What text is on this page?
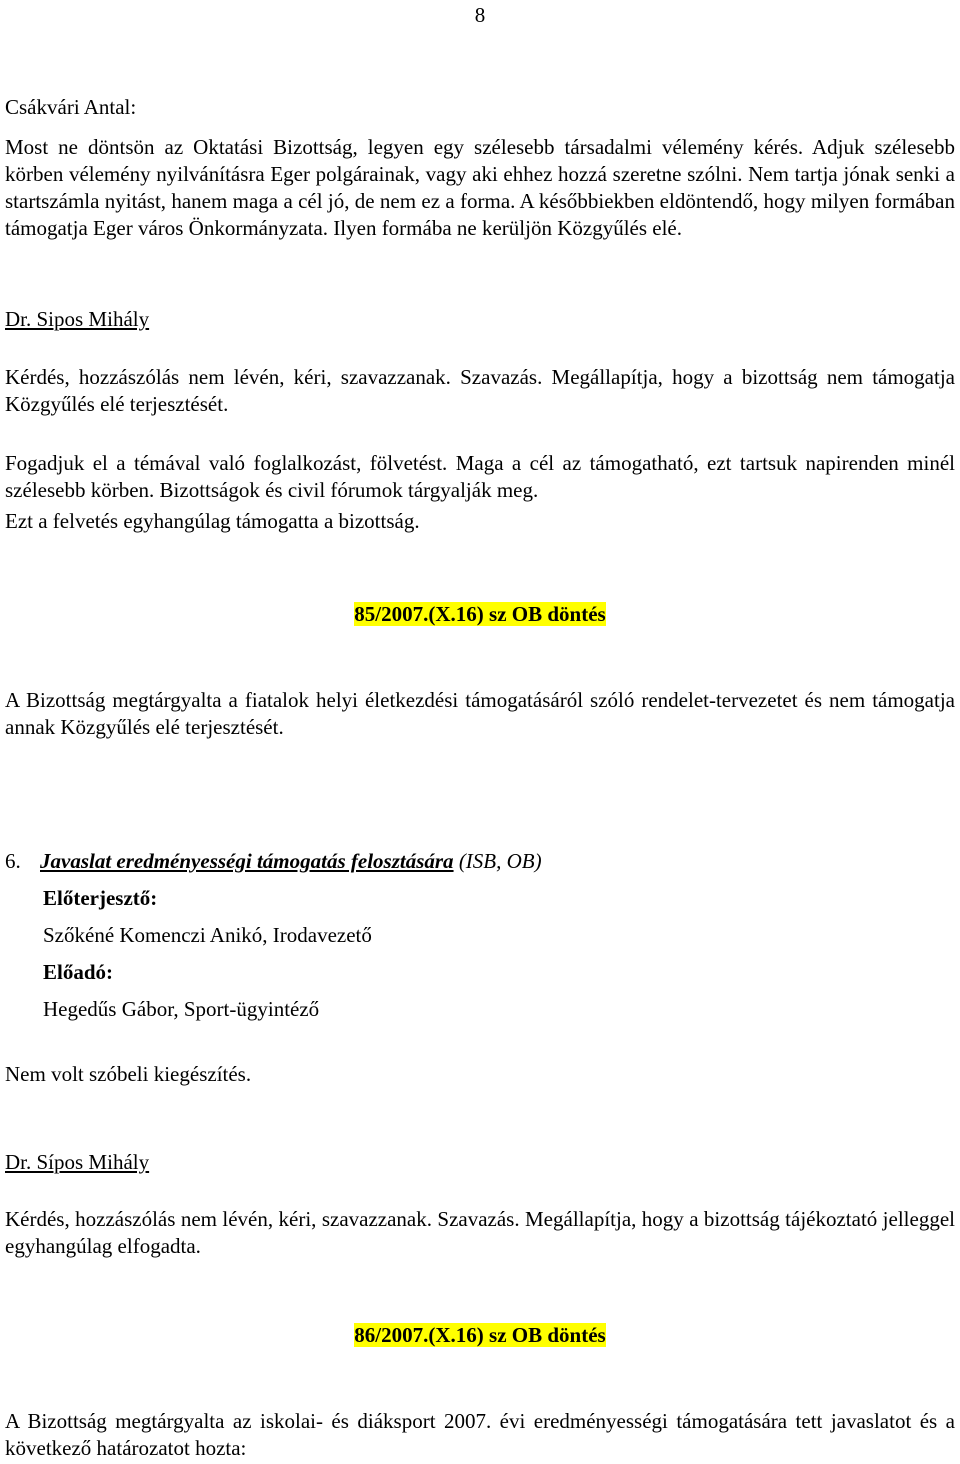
8
Csákvári Antal:
Most ne döntsön az Oktatási Bizottság, legyen egy szélesebb társadalmi vélemény kérés. Adjuk szélesebb körben vélemény nyilvánításra Eger polgárainak, vagy aki ehhez hozzá szeretne szólni. Nem tartja jónak senki a startszámla nyitást, hanem maga a cél jó, de nem ez a forma. A későbbiekben eldöntendő, hogy milyen formában támogatja Eger város Önkormányzata. Ilyen formába ne kerüljön Közgyűlés elé.
Dr. Sipos Mihály
Kérdés, hozzászólás nem lévén, kéri, szavazzanak. Szavazás. Megállapítja, hogy a bizottság nem támogatja Közgyűlés elé terjesztését.
Fogadjuk el a témával való foglalkozást, fölvetést. Maga a cél az támogatható, ezt tartsuk napirenden minél szélesebb körben. Bizottságok és civil fórumok tárgyalják meg.
Ezt a felvetés egyhangúlag támogatta a bizottság.
85/2007.(X.16) sz OB döntés
A Bizottság megtárgyalta a fiatalok helyi életkezdési támogatásáról szóló rendelet-tervezetet és nem támogatja annak Közgyűlés elé terjesztését.
6. Javaslat eredményességi támogatás felosztására (ISB, OB)
Előterjesztő:
Szőkéné Komenczi Anikó, Irodavezető
Előadó:
Hegedűs Gábor, Sport-ügyintéző
Nem volt szóbeli kiegészítés.
Dr. Sípos Mihály
Kérdés, hozzászólás nem lévén, kéri, szavazzanak. Szavazás. Megállapítja, hogy a bizottság tájékoztató jelleggel egyhangúlag elfogadta.
86/2007.(X.16) sz OB döntés
A Bizottság megtárgyalta az iskolai- és diáksport 2007. évi eredményességi támogatására tett javaslatot és a következő határozatot hozta:
